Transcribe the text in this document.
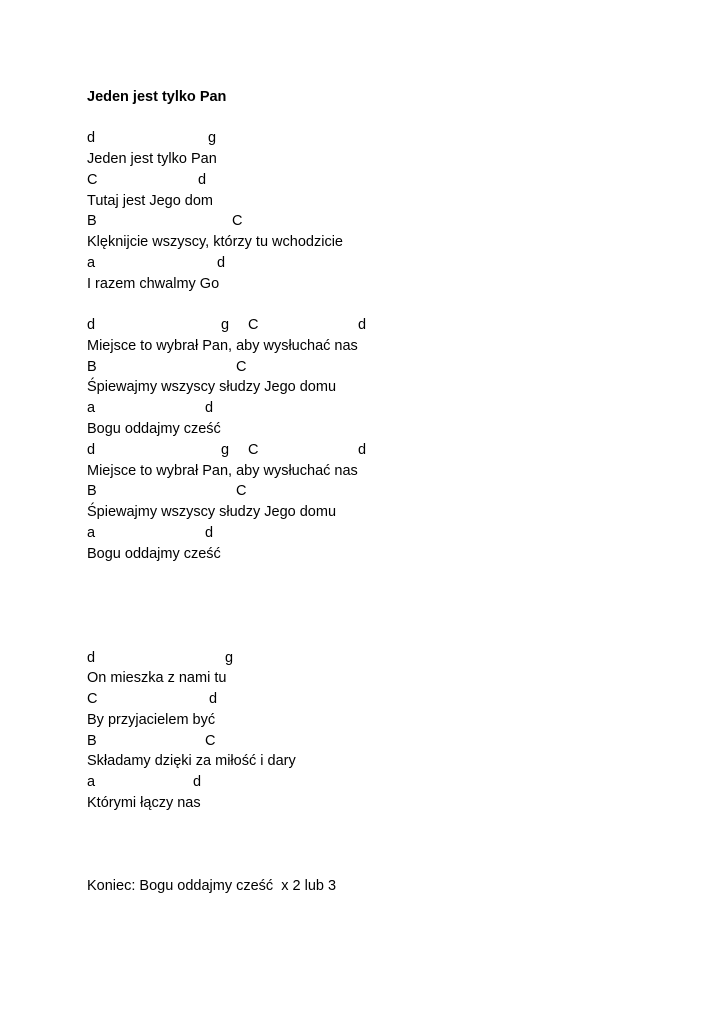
Jeden jest tylko Pan
d	g
Jeden jest tylko Pan
C	d
Tutaj jest Jego dom
B	C
Klęknijcie wszyscy, którzy tu wchodzicie
a	d
I razem chwalmy Go
d	g C	d
Miejsce to wybrał Pan, aby wysłuchać nas
B	C
Śpiewajmy wszyscy słudzy Jego domu
a	d
Bogu oddajmy cześć
d	g C	d
Miejsce to wybrał Pan, aby wysłuchać nas
B	C
Śpiewajmy wszyscy słudzy Jego domu
a	d
Bogu oddajmy cześć
d	g
On mieszka z nami tu
C	d
By przyjacielem być
B	C
Składamy dzięki za miłość i dary
a	d
Którymi łączy nas
Koniec: Bogu oddajmy cześć  x 2 lub 3
